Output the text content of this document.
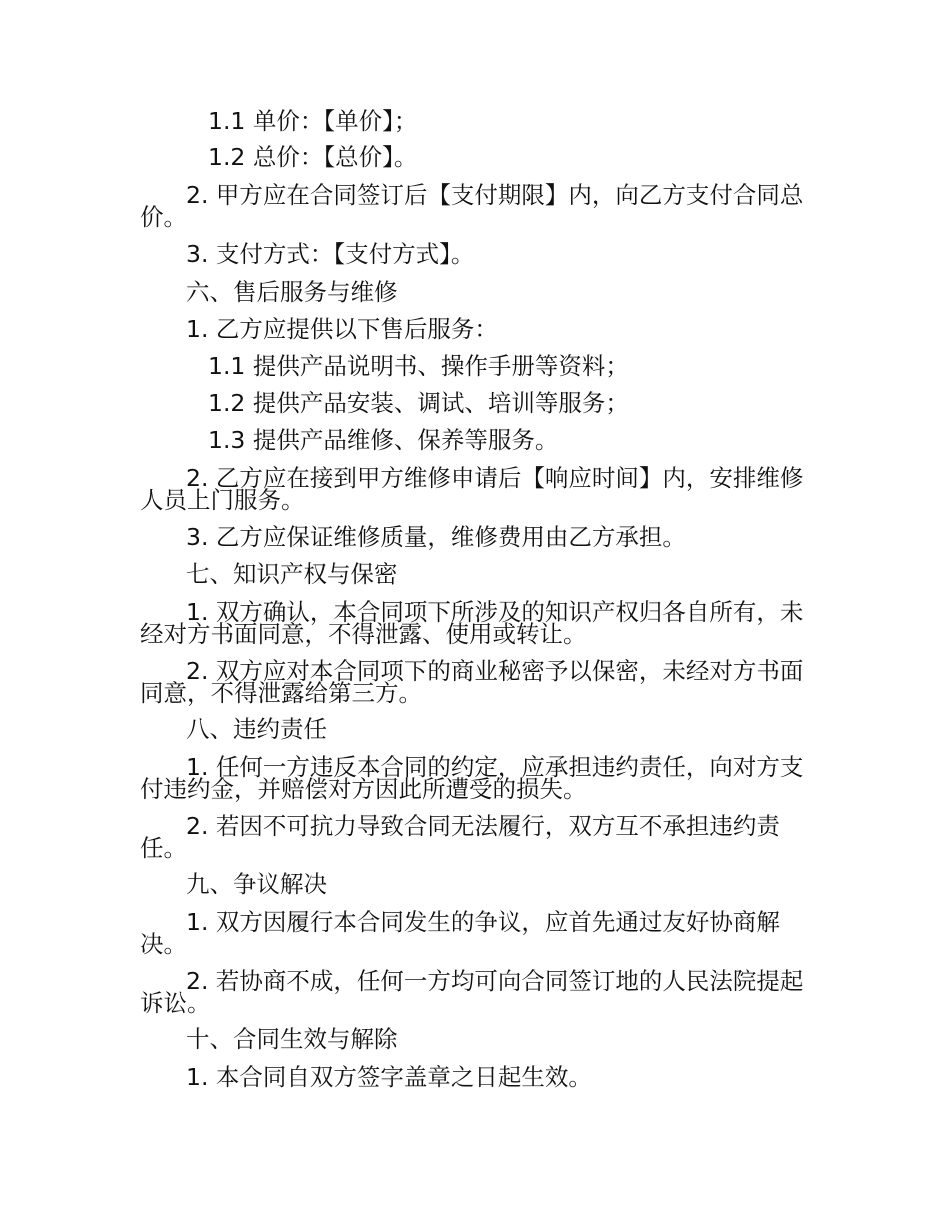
1.1 单价：【单价】；

1.2 总价：【总价】。

2. 甲方应在合同签订后【支付期限】内，向乙方支付合同总价。

3. 支付方式：【支付方式】。

六、售后服务与维修

1. 乙方应提供以下售后服务：

1.1 提供产品说明书、操作手册等资料；

1.2 提供产品安装、调试、培训等服务；

1.3 提供产品维修、保养等服务。

2. 乙方应在接到甲方维修申请后【响应时间】内，安排维修人员上门服务。

3. 乙方应保证维修质量，维修费用由乙方承担。

七、知识产权与保密

1. 双方确认，本合同项下所涉及的知识产权归各自所有，未经对方书面同意，不得泄露、使用或转让。

2. 双方应对本合同项下的商业秘密予以保密，未经对方书面同意，不得泄露给第三方。

八、违约责任

1. 任何一方违反本合同的约定，应承担违约责任，向对方支付违约金，并赔偿对方因此所遭受的损失。

2. 若因不可抗力导致合同无法履行，双方互不承担违约责任。

九、争议解决

1. 双方因履行本合同发生的争议，应首先通过友好协商解决。

2. 若协商不成，任何一方均可向合同签订地的人民法院提起诉讼。

十、合同生效与解除

1. 本合同自双方签字盖章之日起生效。
